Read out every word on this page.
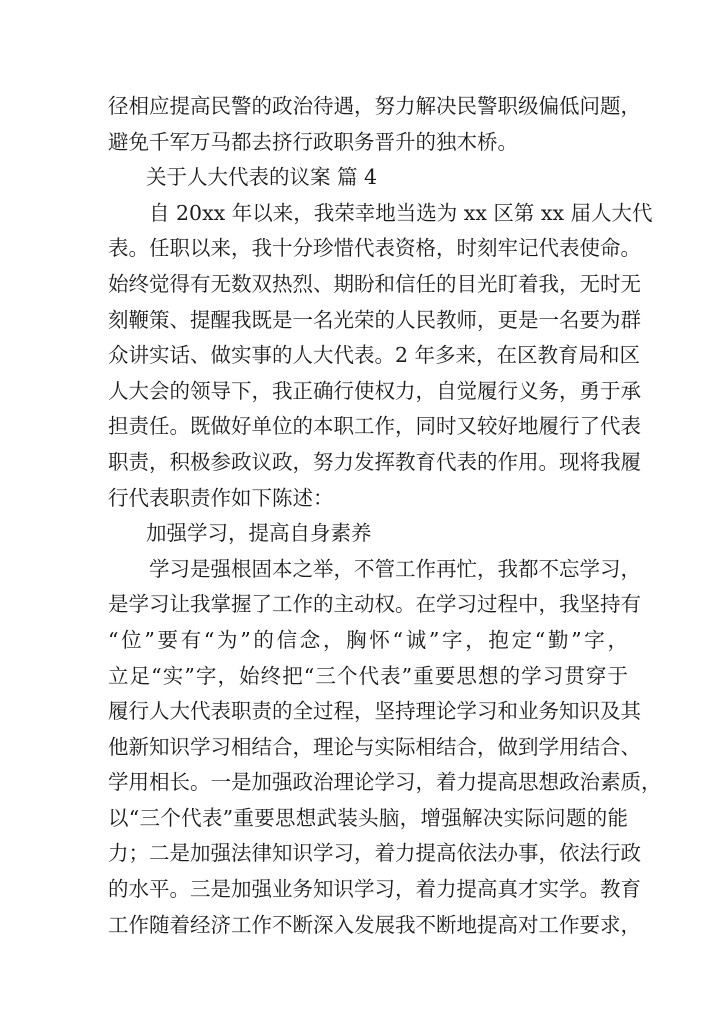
径相应提高民警的政治待遇，努力解决民警职级偏低问题，
避免千军万马都去挤行政职务晋升的独木桥。
关于人大代表的议案 篇 4
自 20xx 年以来，我荣幸地当选为 xx 区第 xx 届人大代
表。任职以来，我十分珍惜代表资格，时刻牢记代表使命。
始终觉得有无数双热烈、期盼和信任的目光盯着我，无时无
刻鞭策、提醒我既是一名光荣的人民教师，更是一名要为群
众讲实话、做实事的人大代表。2 年多来，在区教育局和区
人大会的领导下，我正确行使权力，自觉履行义务，勇于承
担责任。既做好单位的本职工作，同时又较好地履行了代表
职责，积极参政议政，努力发挥教育代表的作用。现将我履
行代表职责作如下陈述：
加强学习，提高自身素养
学习是强根固本之举，不管工作再忙，我都不忘学习，
是学习让我掌握了工作的主动权。在学习过程中，我坚持有
“位”要有“为”的信念，胸怀“诚”字，抱定“勤”字，
立足“实”字，始终把“三个代表”重要思想的学习贯穿于
履行人大代表职责的全过程，坚持理论学习和业务知识及其
他新知识学习相结合，理论与实际相结合，做到学用结合、
学用相长。一是加强政治理论学习，着力提高思想政治素质，
以“三个代表”重要思想武装头脑，增强解决实际问题的能
力；二是加强法律知识学习，着力提高依法办事，依法行政
的水平。三是加强业务知识学习，着力提高真才实学。教育
工作随着经济工作不断深入发展我不断地提高对工作要求，
